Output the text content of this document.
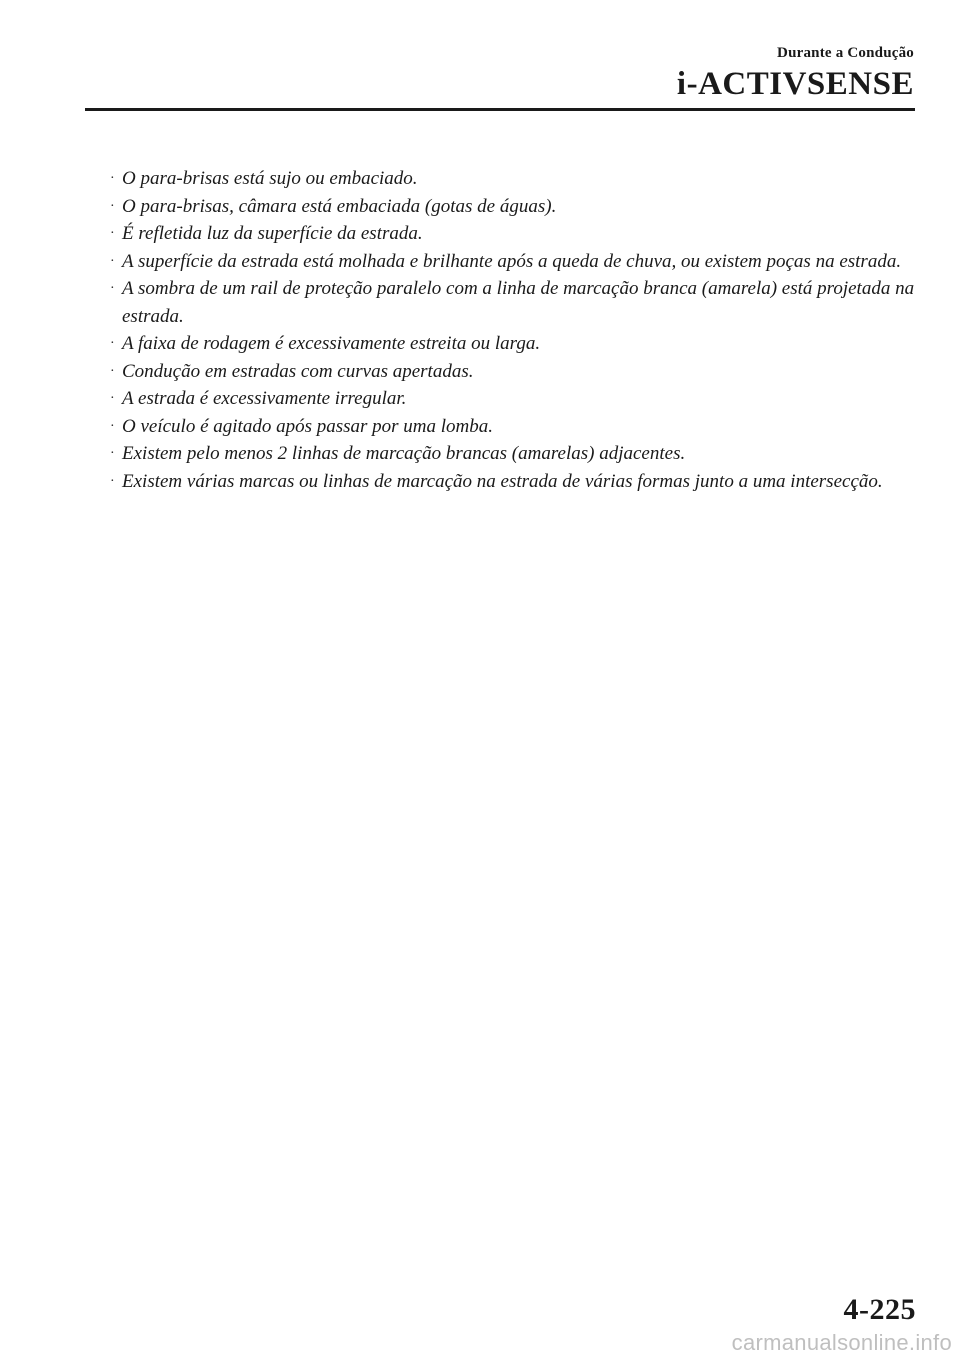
Durante a Condução
i-ACTIVSENSE
· O para-brisas está sujo ou embaciado.
· O para-brisas, câmara está embaciada (gotas de águas).
· É refletida luz da superfície da estrada.
· A superfície da estrada está molhada e brilhante após a queda de chuva, ou existem poças na estrada.
· A sombra de um rail de proteção paralelo com a linha de marcação branca (amarela) está projetada na estrada.
· A faixa de rodagem é excessivamente estreita ou larga.
· Condução em estradas com curvas apertadas.
· A estrada é excessivamente irregular.
· O veículo é agitado após passar por uma lomba.
· Existem pelo menos 2 linhas de marcação brancas (amarelas) adjacentes.
· Existem várias marcas ou linhas de marcação na estrada de várias formas junto a uma intersecção.
4-225
carmanualsonline.info
